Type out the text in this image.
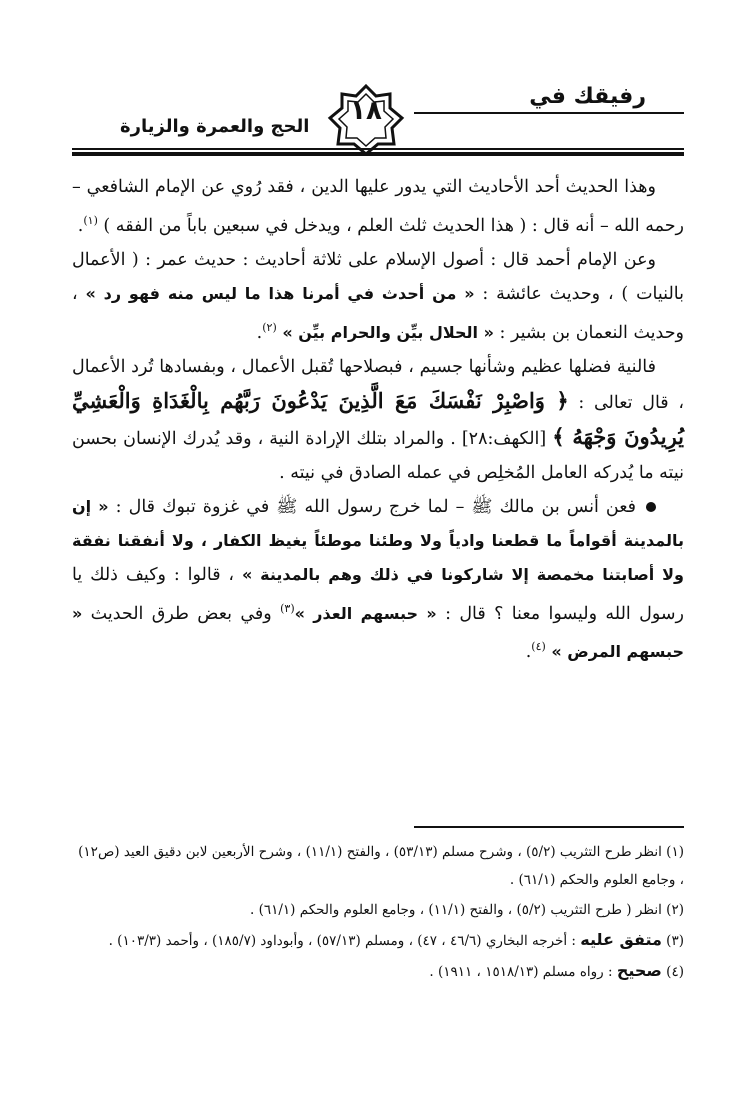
رفيقك في
الحج والعمرة والزيارة
١٨

وهذا الحديث أحد الأحاديث التي يدور عليها الدين ، فقد رُوي عن الإمام الشافعي – رحمه الله – أنه قال : ( هذا الحديث ثلث العلم ، ويدخل في سبعين باباً من الفقه ) $^{(١)}$.

وعن الإمام أحمد قال : أصول الإسلام على ثلاثة أحاديث : حديث عمر : ( الأعمال بالنيات ) ، وحديث عائشة : « من أحدث في أمرنا هذا ما ليس منه فهو رد » ، وحديث النعمان بن بشير : « الحلال بيِّن والحرام بيِّن » $^{(٢)}$.

فالنية فضلها عظيم وشأنها جسيم ، فبصلاحها تُقبل الأعمال ، وبفسادها تُرد الأعمال ، قال تعالى : ﴿ وَاصْبِرْ نَفْسَكَ مَعَ الَّذِينَ يَدْعُونَ رَبَّهُم بِالْغَدَاةِ وَالْعَشِيِّ يُرِيدُونَ وَجْهَهُ ﴾ [الكهف:٢٨] . والمراد بتلك الإرادة النية ، وقد يُدرك الإنسان بحسن نيته ما يُدركه العامل المُخلِص في عمله الصادق في نيته .

فعن أنس بن مالك ﷺ – لما خرج رسول الله ﷺ في غزوة تبوك قال : « إن بالمدينة أقواماً ما قطعنا وادياً ولا وطئنا موطئاً يغيظ الكفار ، ولا أنفقنا نفقة ولا أصابتنا مخمصة إلا شاركونا في ذلك وهم بالمدينة » ، قالوا : وكيف ذلك يا رسول الله وليسوا معنا ؟ قال : « حبسهم العذر »$^{(٣)}$ وفي بعض طرق الحديث « حبسهم المرض » $^{(٤)}$.

(١) انظر طرح التثريب (٥/٢) ، وشرح مسلم (٥٣/١٣) ، والفتح (١١/١) ، وشرح الأربعين لابن دقيق العيد (ص١٢) ، وجامع العلوم والحكم (٦١/١) .

(٢) انظر ( طرح التثريب (٥/٢) ، والفتح (١١/١) ، وجامع العلوم والحكم (٦١/١) .

(٣) متفق عليه : أخرجه البخاري (٤٦/٦ ، ٤٧) ، ومسلم (٥٧/١٣) ، وأبوداود (١٨٥/٧) ، وأحمد (١٠٣/٣) .

(٤) صحيح : رواه مسلم (١٥١٨/١٣ ، ١٩١١) .
